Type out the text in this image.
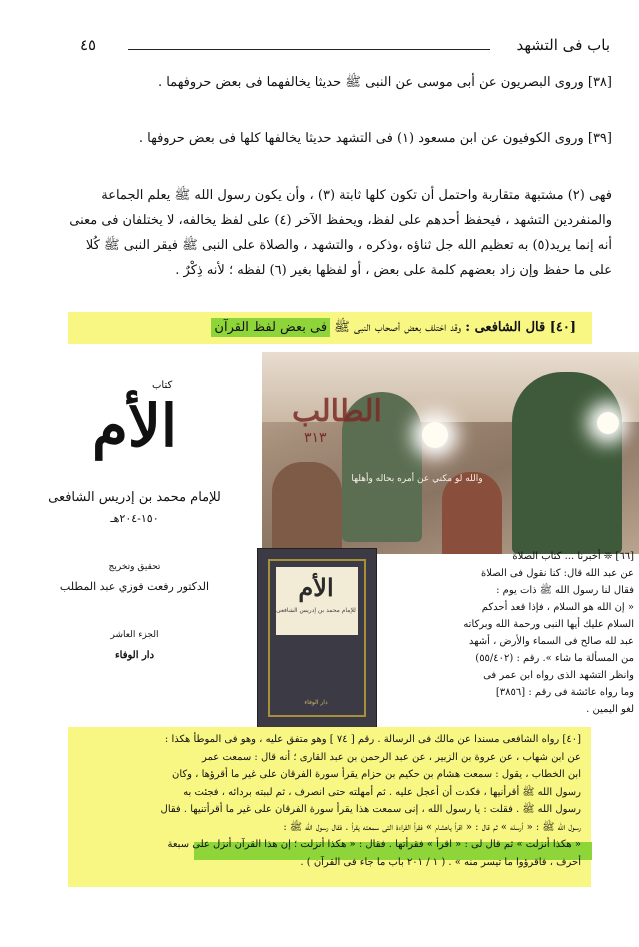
باب فى التشهد
٤٥
[٣٨] وروى البصريون عن أبى موسى عن النبى ﷺ حديثا يخالفهما فى بعض حروفهما .
[٣٩] وروى الكوفيون عن ابن مسعود (١) فى التشهد حديثا يخالفها كلها فى بعض حروفها .
فهى (٢) مشتبهة متقاربة واحتمل أن تكون كلها ثابتة (٣) ، وأن يكون رسول الله ﷺ يعلم الجماعة والمنفردين التشهد ، فيحفظ أحدهم على لفظ، ويحفظ الآخر (٤) على لفظ يخالفه، لا يختلفان فى معنى أنه إنما يريد(٥) به تعظيم الله جل ثناؤه ،وذكره ، والتشهد ، والصلاة على النبى ﷺ فيقر النبى ﷺ كُلا على ما حفظ وإن زاد بعضهم كلمة على بعض ، أو لفظها بغير (٦) لفظه ؛ لأنه ذِكْرٌ .
[٤٠] قال الشافعى : وقد اختلف بعض أصحاب النبى ﷺ فى بعض لفظ القرآن
كتاب
الأم
للإمام محمد بن إدريس الشافعى
١٥٠-٢٠٤هـ
تحقيق وتخريج
الدكتور رفعت فوزي عبد المطلب
الجزء العاشر
دار الوفاء
الطالب
٣١٣
والله لو مكني عن أمره بحاله وأهلها
الأم
للإمام محمد بن إدريس الشافعى
دار الوفاء
[٦٦] ❊ أخبرنا ... كتاب الصلاة
عن عبد الله قال: كنا نقول فى الصلاة
فقال لنا رسول الله ﷺ ذات يوم :
« إن الله هو السلام ، فإذا قعد أحدكم
السلام عليك أيها النبى ورحمة الله وبركاته
عبد لله صالح فى السماء والأرض ، أشهد
من المسألة ما شاء ». رقم : (٥٥/٤٠٢)
وانظر التشهد الذى رواه ابن عمر فى
وما رواه عائشة فى رقم : [٣٨٥٦]
لغو اليمين .
[٤٠] رواه الشافعى مسندا عن مالك فى الرسالة . رقم [ ٧٤ ] وهو متفق عليه ، وهو فى الموطأ هكذا :
عن ابن شهاب ، عن عروة بن الزبير ، عن عبد الرحمن بن عبد القارى ؛ أنه قال : سمعت عمر
ابن الخطاب ، يقول : سمعت هشام بن حكيم بن حزام يقرأ سورة الفرقان على غير ما أقرؤها ، وكان
رسول الله ﷺ أقرأنيها ، فكدت أن أعجل عليه . ثم أمهلته حتى انصرف ، ثم لببته بردائه ، فجئت به
رسول الله ﷺ . فقلت : يا رسول الله ، إنى سمعت هذا يقرأ سورة الفرقان على غير ما أقرأتنيها . فقال
رسول الله ﷺ : « أرسله » ثم قال : « اقرأ ياهشام » فقرأ القراءة التى سمعته يقرأ . فقال رسول الله ﷺ :
« هكذا أنزلت » ثم قال لى : « اقرأ » فقرأتها . فقال : « هكذا أنزلت ؛ إن هذا القرآن أنزل على سبعة
أحرف ، فاقرؤوا ما تيسر منه » . ( ١ / ٢٠١ باب ما جاء فى القرآن ) .
